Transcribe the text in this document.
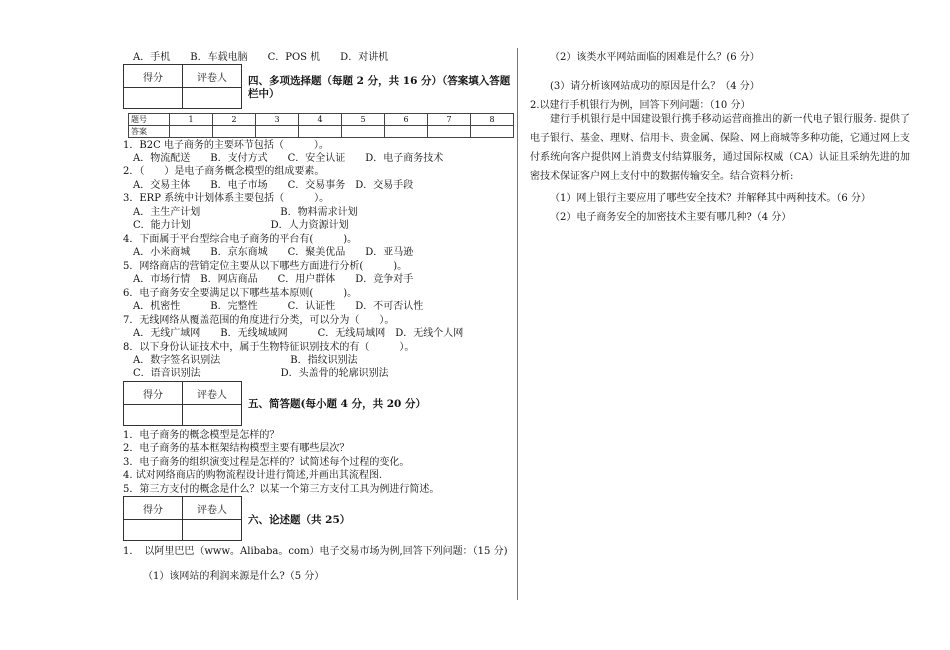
A．手机　　B．车载电脑　　C．POS 机　　D．对讲机
得分	评卷人
	四、多项选择题（每题 2 分，共 16 分）（答案填入答题
栏中）
题号	1	2	3	4	5	6	7	8
答案								
1．B2C 电子商务的主要环节包括（　　　）。
A．物流配送　　B．支付方式　　C．安全认证　　D．电子商务技术
2．（　　）是电子商务概念模型的组成要素。
A．交易主体　　B．电子市场　　C．交易事务　D．交易手段
3．ERP 系统中计划体系主要包括（　　　）。
A．主生产计划　　　　　　　　B．物料需求计划
C．能力计划　　　　　　　　D．人力资源计划
4．下面属于平台型综合电子商务的平台有(　　　)。
A．小米商城　　B．京东商城　　C．聚美优品　　D．亚马逊
5．网络商店的营销定位主要从以下哪些方面进行分析(　　　)。
A．市场行情　B．网店商品　　C．用户群体　　D．竞争对手
6．电子商务安全要满足以下哪些基本原则(　　　)。
A．机密性　　　B．完整性　　　C．认证性　　D．不可否认性
7．无线网络从覆盖范围的角度进行分类，可以分为（　　）。
A．无线广域网　　B．无线城域网　　　C．无线局域网　D．无线个人网
8．以下身份认证技术中，属于生物特征识别技术的有（　　　）。
A．数字签名识别法　　　　　　　B．指纹识别法
C．语音识别法　　　　　　　　D．头盖骨的轮廓识别法
得分	评卷人

五、简答题(每小题 4 分，共 20 分）
1．电子商务的概念模型是怎样的？
2．电子商务的基本框架结构模型主要有哪些层次？
3．电子商务的组织演变过程是怎样的？试简述每个过程的变化。
4. 试对网络商店的购物流程设计进行简述,并画出其流程图.
5．第三方支付的概念是什么？以某一个第三方支付工具为例进行简述。
得分	评卷人

六、论述题（共 25）
1．　以阿里巴巴（www。Alibaba。com）电子交易市场为例,回答下列问题：（15 分)
（1）该网站的利润来源是什么?（5 分）
（2）该类水平网站面临的困难是什么？(6 分）
(3）请分析该网站成功的原因是什么？（4 分）
2.以建行手机银行为例，回答下列问题：（10 分）
建行手机银行是中国建设银行携手移动运营商推出的新一代电子银行服务. 提供了电子银行、基金、理财、信用卡、贵金属、保险、网上商城等多种功能，它通过网上支付系统向客户提供网上消费支付结算服务，通过国际权威（CA）认证且采纳先进的加密技术保证客户网上支付中的数据传输安全。结合资料分析:
（1）网上银行主要应用了哪些安全技术？并解释其中两种技术。（6 分）
（2）电子商务安全的加密技术主要有哪几种?（4 分）
